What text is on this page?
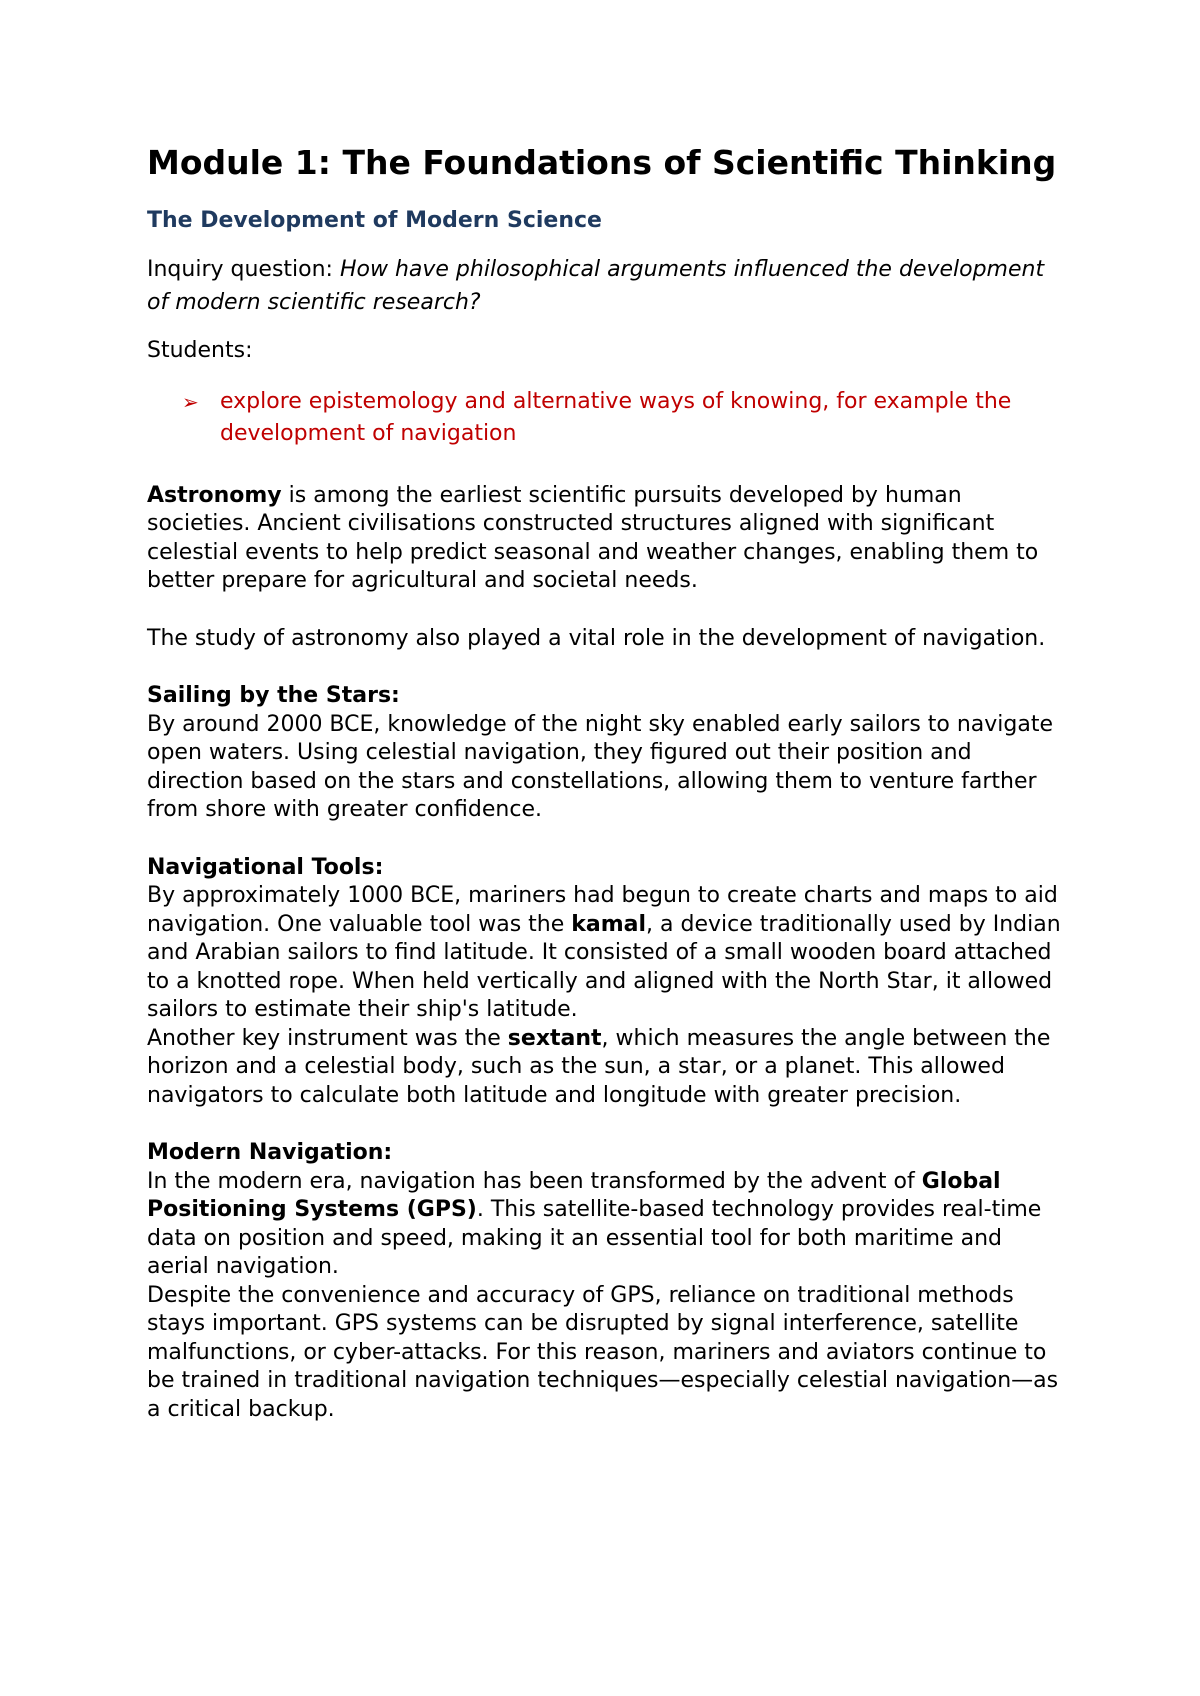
Module 1: The Foundations of Scientific Thinking
The Development of Modern Science

Inquiry question: How have philosophical arguments influenced the development of modern scientific research?

Students:

➢ explore epistemology and alternative ways of knowing, for example the development of navigation

Astronomy is among the earliest scientific pursuits developed by human societies. Ancient civilisations constructed structures aligned with significant celestial events to help predict seasonal and weather changes, enabling them to better prepare for agricultural and societal needs.

The study of astronomy also played a vital role in the development of navigation.

Sailing by the Stars:

By around 2000 BCE, knowledge of the night sky enabled early sailors to navigate open waters. Using celestial navigation, they figured out their position and direction based on the stars and constellations, allowing them to venture farther from shore with greater confidence.

Navigational Tools:

By approximately 1000 BCE, mariners had begun to create charts and maps to aid navigation. One valuable tool was the kamal, a device traditionally used by Indian and Arabian sailors to find latitude. It consisted of a small wooden board attached to a knotted rope. When held vertically and aligned with the North Star, it allowed sailors to estimate their ship's latitude.

Another key instrument was the sextant, which measures the angle between the horizon and a celestial body, such as the sun, a star, or a planet. This allowed navigators to calculate both latitude and longitude with greater precision.

Modern Navigation:

In the modern era, navigation has been transformed by the advent of Global Positioning Systems (GPS). This satellite-based technology provides real-time data on position and speed, making it an essential tool for both maritime and aerial navigation.

Despite the convenience and accuracy of GPS, reliance on traditional methods stays important. GPS systems can be disrupted by signal interference, satellite malfunctions, or cyber-attacks. For this reason, mariners and aviators continue to be trained in traditional navigation techniques—especially celestial navigation—as a critical backup.
